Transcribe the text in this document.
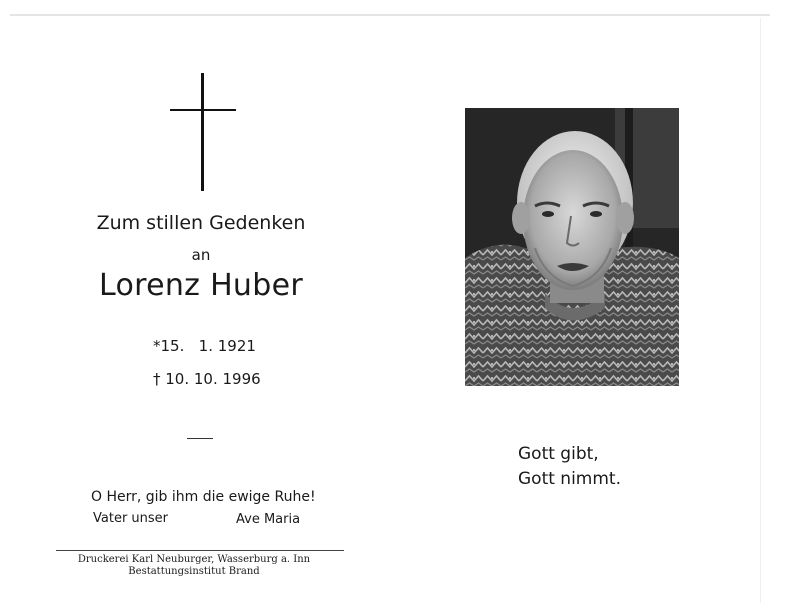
Zum stillen Gedenken
an
Lorenz Huber
*15.   1. 1921
† 10. 10. 1996
O Herr, gib ihm die ewige Ruhe!
Vater unser	Ave Maria
Druckerei Karl Neuburger, Wasserburg a. Inn
Bestattungsinstitut Brand
Gott gibt,
Gott nimmt.
